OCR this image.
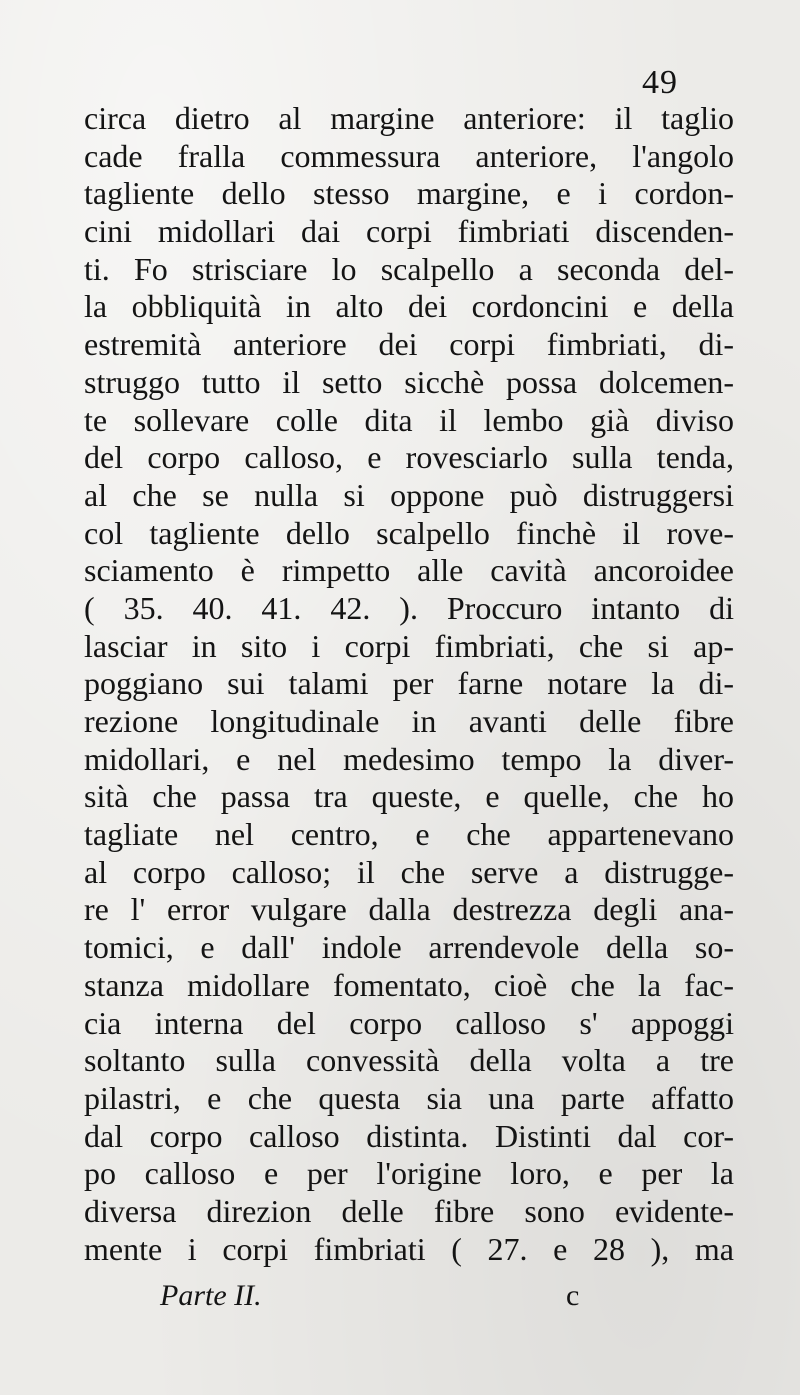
49
circa dietro al margine anteriore: il taglio
cade fralla commessura anteriore, l'angolo
tagliente dello stesso margine, e i cordon-
cini midollari dai corpi fimbriati discenden-
ti. Fo strisciare lo scalpello a seconda del-
la obbliquità in alto dei cordoncini e della
estremità anteriore dei corpi fimbriati, di-
struggo tutto il setto sicchè possa dolcemen-
te sollevare colle dita il lembo già diviso
del corpo calloso, e rovesciarlo sulla tenda,
al che se nulla si oppone può distruggersi
col tagliente dello scalpello finchè il rove-
sciamento è rimpetto alle cavità ancoroidee
( 35. 40. 41. 42. ). Proccuro intanto di
lasciar in sito i corpi fimbriati, che si ap-
poggiano sui talami per farne notare la di-
rezione longitudinale in avanti delle fibre
midollari, e nel medesimo tempo la diver-
sità che passa tra queste, e quelle, che ho
tagliate nel centro, e che appartenevano
al corpo calloso; il che serve a distrugge-
re l' error vulgare dalla destrezza degli ana-
tomici, e dall' indole arrendevole della so-
stanza midollare fomentato, cioè che la fac-
cia interna del corpo calloso s' appoggi
soltanto sulla convessità della volta a tre
pilastri, e che questa sia una parte affatto
dal corpo calloso distinta. Distinti dal cor-
po calloso e per l'origine loro, e per la
diversa direzion delle fibre sono evidente-
mente i corpi fimbriati ( 27. e 28 ), ma
Parte II.	c
